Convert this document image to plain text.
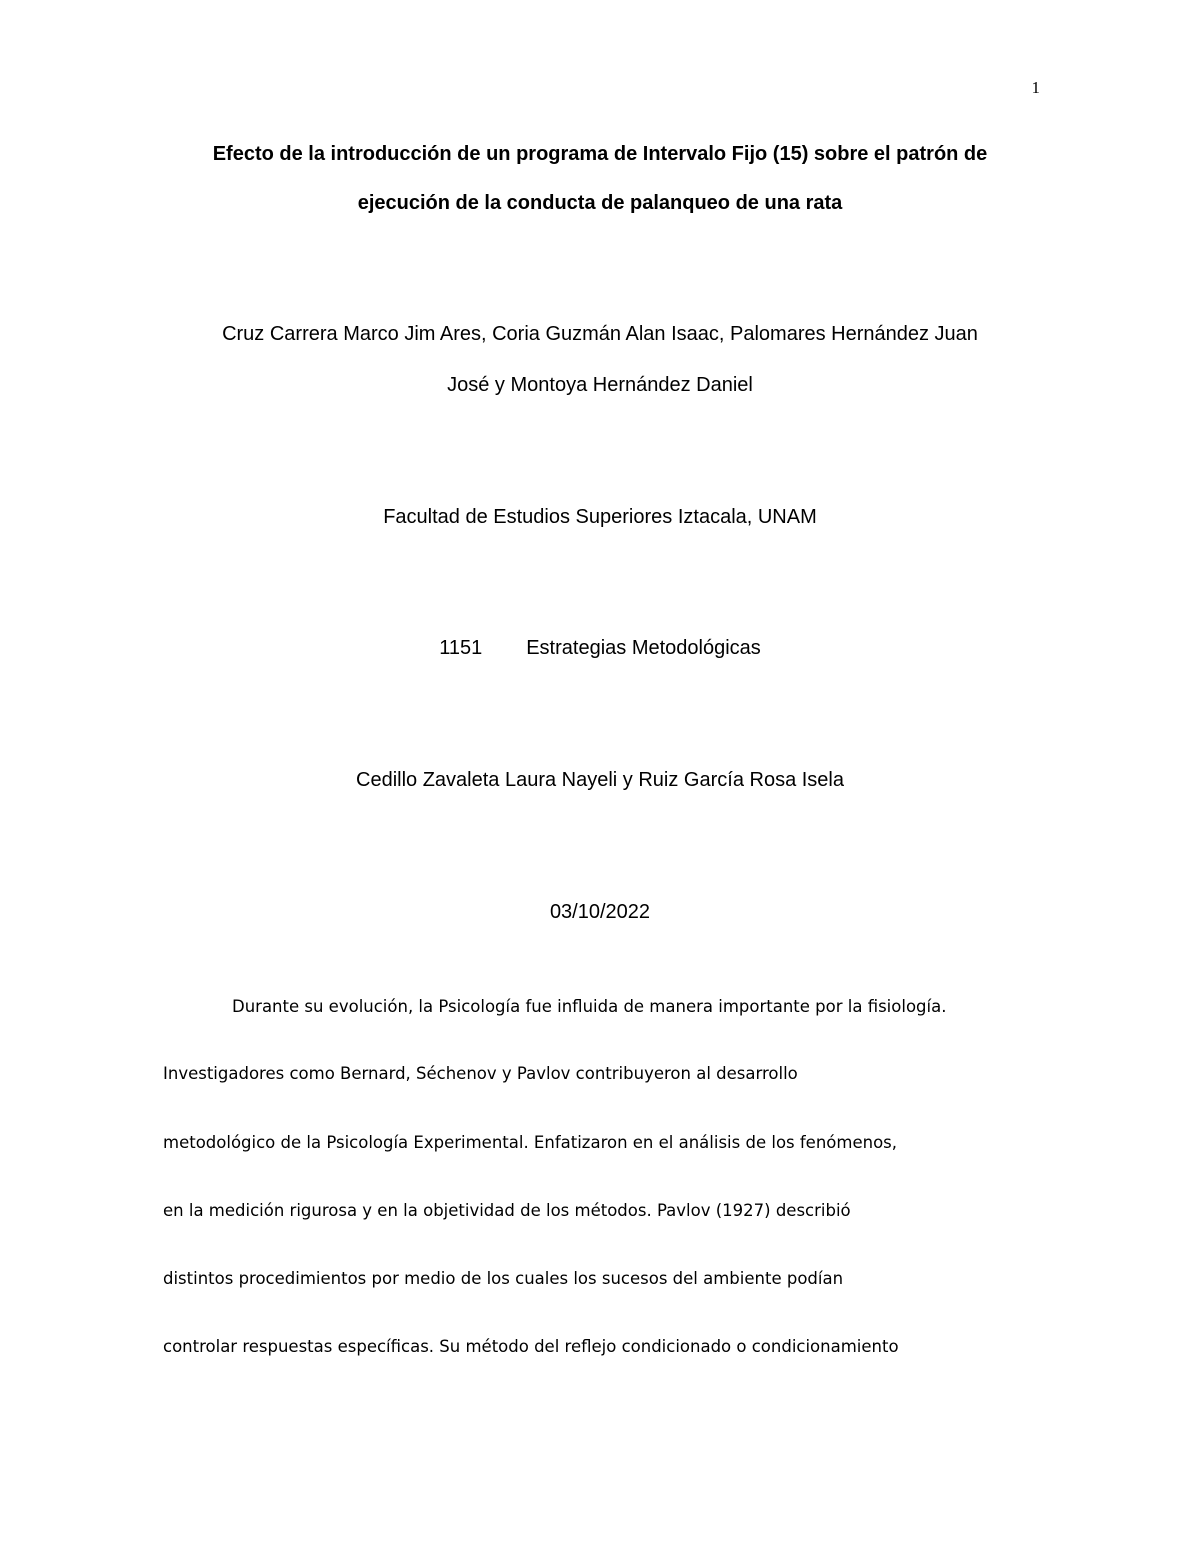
1
Efecto de la introducción de un programa de Intervalo Fijo (15) sobre el patrón de
ejecución de la conducta de palanqueo de una rata
Cruz Carrera Marco Jim Ares, Coria Guzmán Alan Isaac, Palomares Hernández Juan
José y Montoya Hernández Daniel
Facultad de Estudios Superiores Iztacala, UNAM
1151 Estrategias Metodológicas
Cedillo Zavaleta Laura Nayeli y Ruiz García Rosa Isela
03/10/2022
Durante su evolución, la Psicología fue influida de manera importante por la fisiología.
Investigadores como Bernard, Séchenov y Pavlov contribuyeron al desarrollo
metodológico de la Psicología Experimental. Enfatizaron en el análisis de los fenómenos,
en la medición rigurosa y en la objetividad de los métodos. Pavlov (1927) describió
distintos procedimientos por medio de los cuales los sucesos del ambiente podían
controlar respuestas específicas. Su método del reflejo condicionado o condicionamiento
